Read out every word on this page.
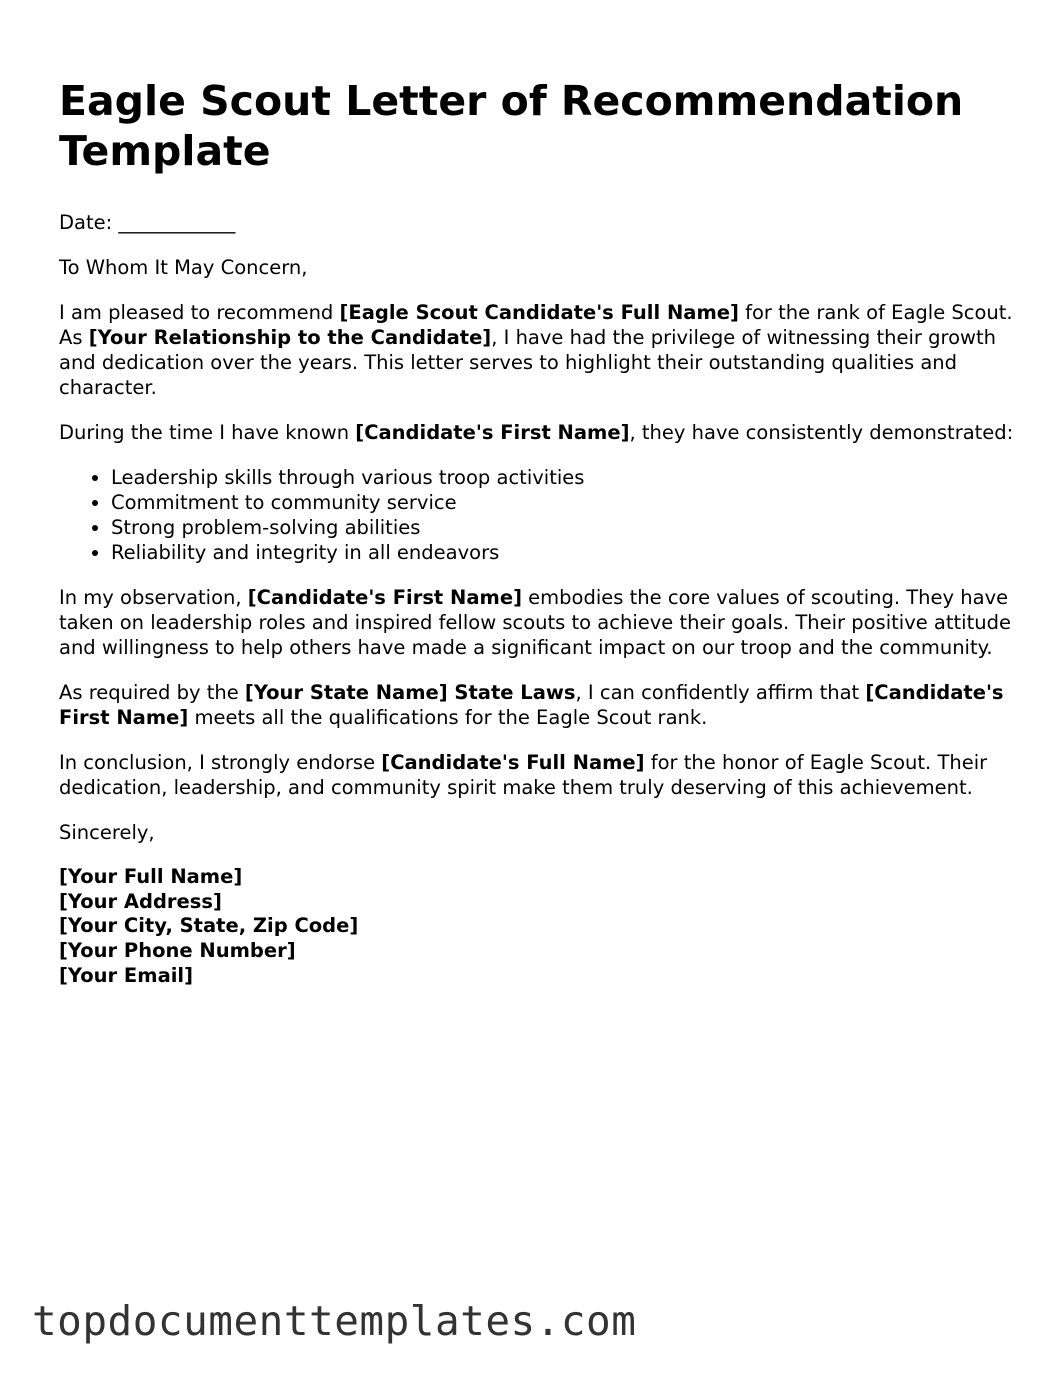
Eagle Scout Letter of Recommendation Template

Date: ____________

To Whom It May Concern,

I am pleased to recommend [Eagle Scout Candidate's Full Name] for the rank of Eagle Scout. As [Your Relationship to the Candidate], I have had the privilege of witnessing their growth and dedication over the years. This letter serves to highlight their outstanding qualities and character.

During the time I have known [Candidate's First Name], they have consistently demonstrated:

• Leadership skills through various troop activities
• Commitment to community service
• Strong problem-solving abilities
• Reliability and integrity in all endeavors

In my observation, [Candidate's First Name] embodies the core values of scouting. They have taken on leadership roles and inspired fellow scouts to achieve their goals. Their positive attitude and willingness to help others have made a significant impact on our troop and the community.

As required by the [Your State Name] State Laws, I can confidently affirm that [Candidate's First Name] meets all the qualifications for the Eagle Scout rank.

In conclusion, I strongly endorse [Candidate's Full Name] for the honor of Eagle Scout. Their dedication, leadership, and community spirit make them truly deserving of this achievement.

Sincerely,

[Your Full Name]
[Your Address]
[Your City, State, Zip Code]
[Your Phone Number]
[Your Email]
topdocumenttemplates.com
